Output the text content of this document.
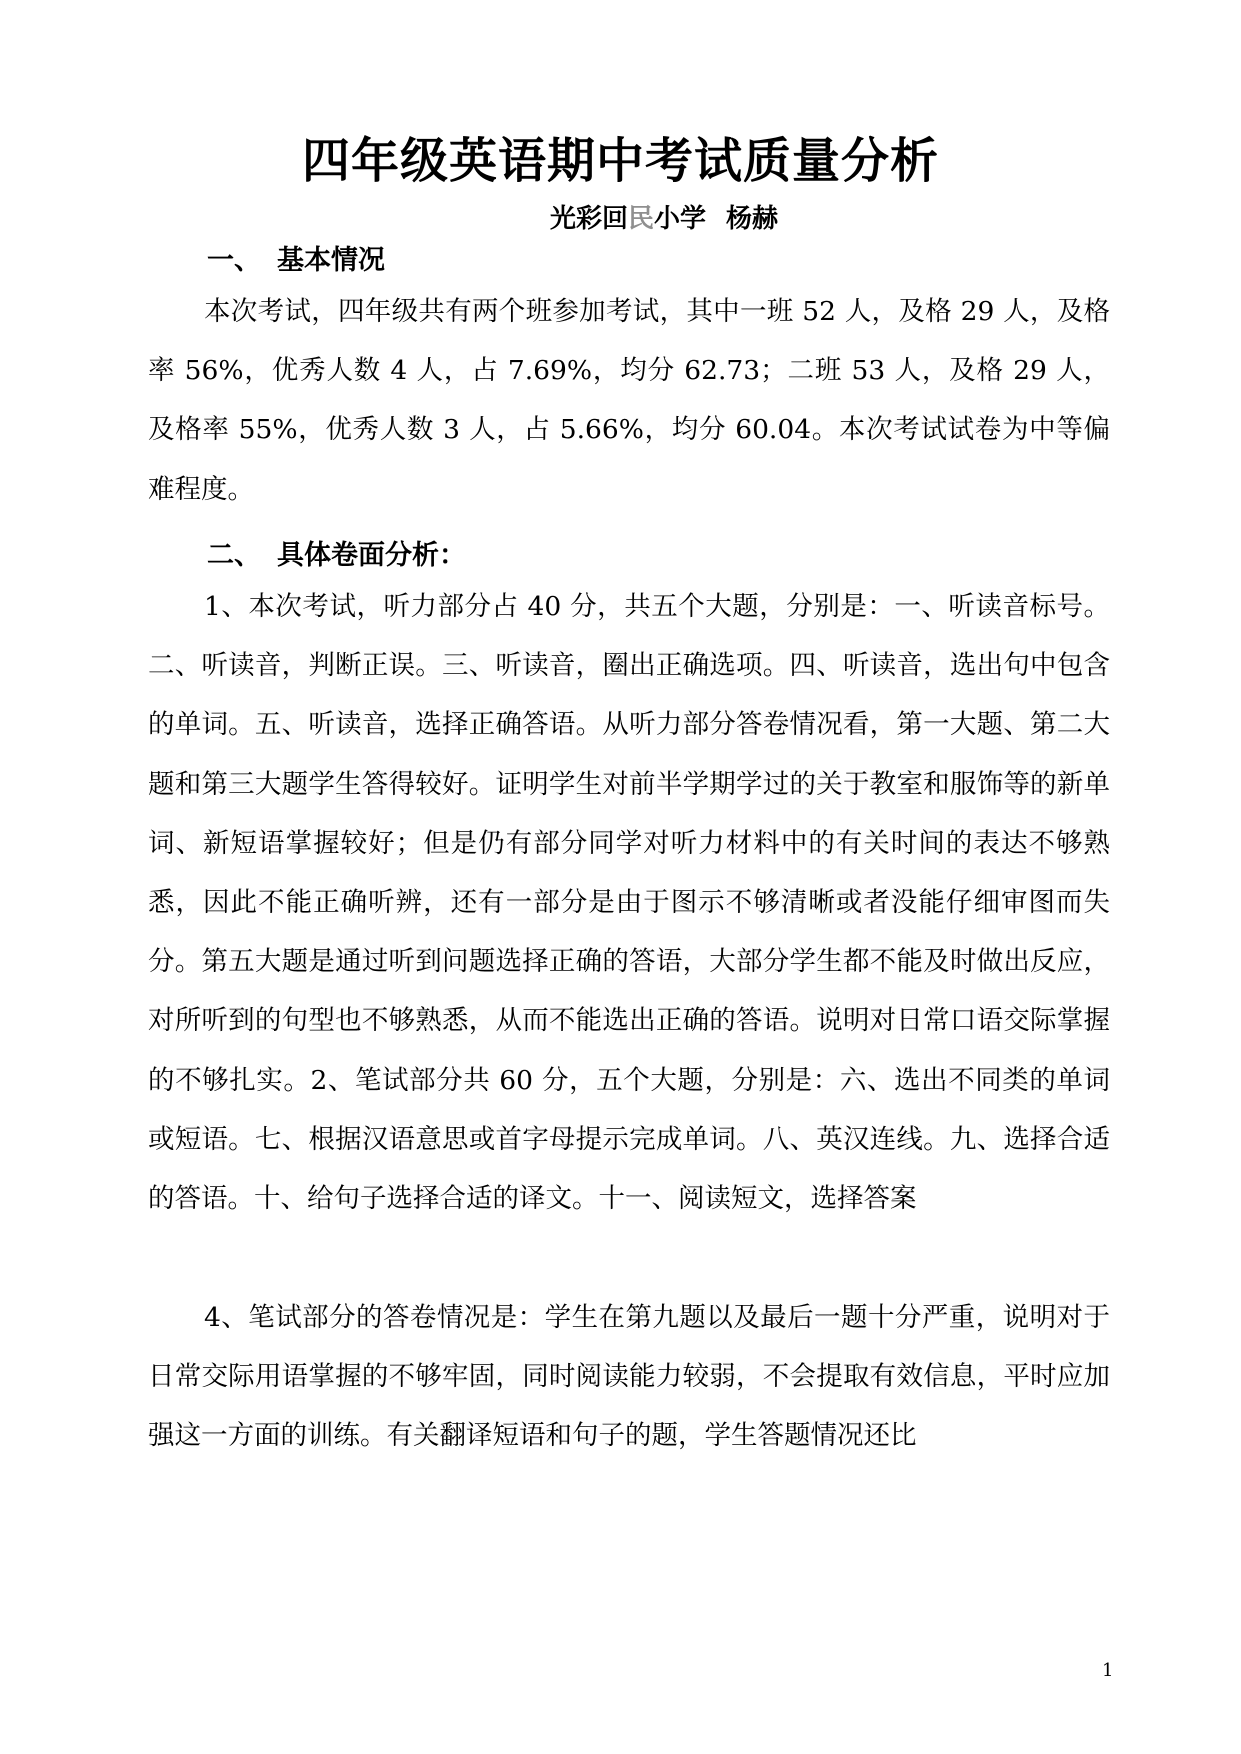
四年级英语期中考试质量分析
光彩回民小学 杨赫
一、 基本情况
本次考试，四年级共有两个班参加考试，其中一班 52 人，及格 29 人，及格率 56%，优秀人数 4 人，占 7.69%，均分 62.73；二班 53 人，及格 29 人，及格率 55%，优秀人数 3 人，占 5.66%，均分 60.04。本次考试试卷为中等偏难程度。
二、 具体卷面分析：
1、本次考试，听力部分占 40 分，共五个大题，分别是：一、听读音标号。二、听读音，判断正误。三、听读音，圈出正确选项。四、听读音，选出句中包含的单词。五、听读音，选择正确答语。从听力部分答卷情况看，第一大题、第二大题和第三大题学生答得较好。证明学生对前半学期学过的关于教室和服饰等的新单词、新短语掌握较好；但是仍有部分同学对听力材料中的有关时间的表达不够熟悉，因此不能正确听辨，还有一部分是由于图示不够清晰或者没能仔细审图而失分。第五大题是通过听到问题选择正确的答语，大部分学生都不能及时做出反应，对所听到的句型也不够熟悉，从而不能选出正确的答语。说明对日常口语交际掌握的不够扎实。2、笔试部分共 60 分，五个大题，分别是：六、选出不同类的单词或短语。七、根据汉语意思或首字母提示完成单词。八、英汉连线。九、选择合适的答语。十、给句子选择合适的译文。十一、阅读短文，选择答案
4、笔试部分的答卷情况是：学生在第九题以及最后一题十分严重，说明对于日常交际用语掌握的不够牢固，同时阅读能力较弱，不会提取有效信息，平时应加强这一方面的训练。有关翻译短语和句子的题，学生答题情况还比
1
